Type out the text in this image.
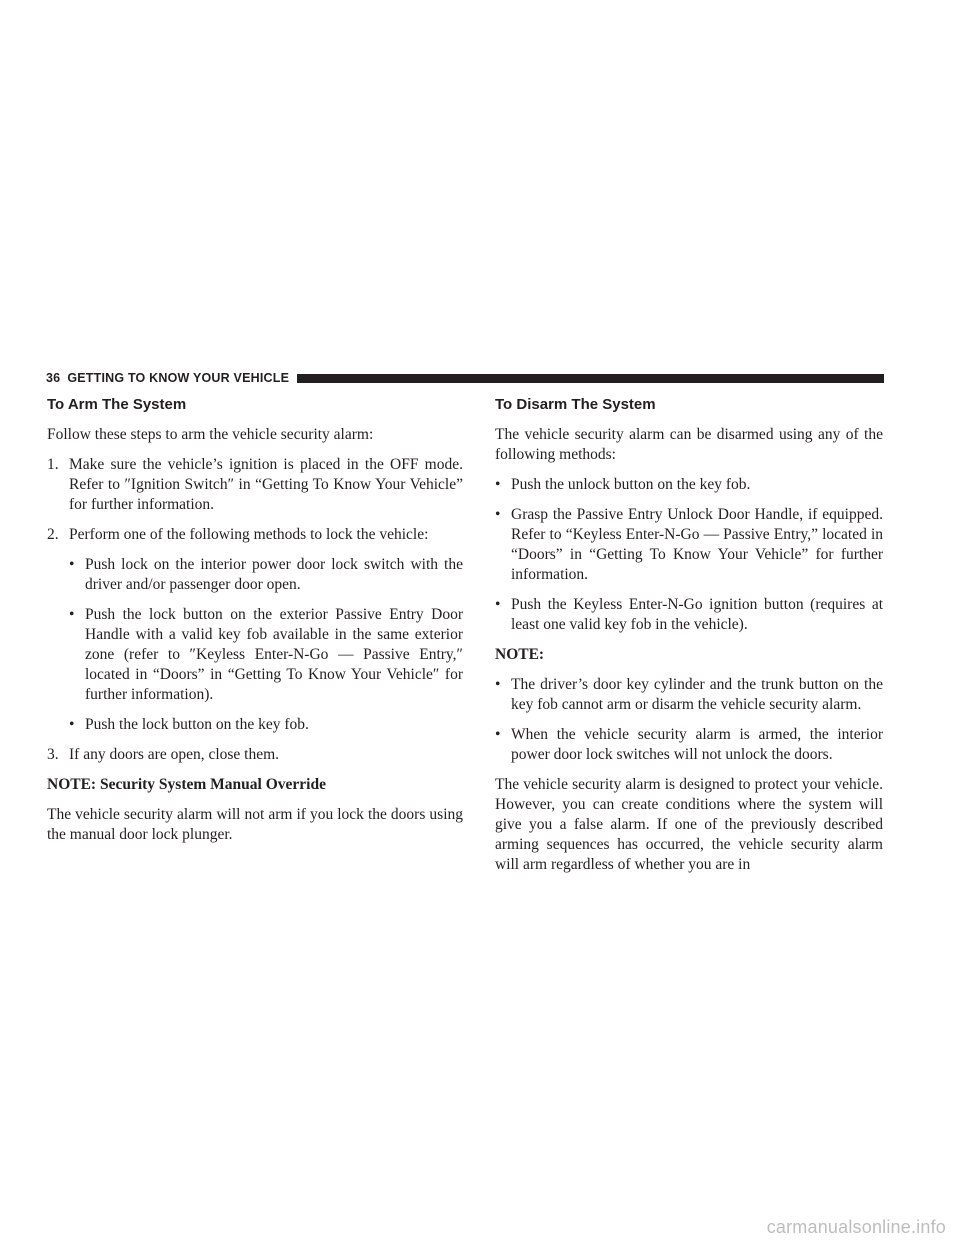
36 GETTING TO KNOW YOUR VEHICLE
To Arm The System

Follow these steps to arm the vehicle security alarm:

1. Make sure the vehicle’s ignition is placed in the OFF mode. Refer to ″Ignition Switch″ in “Getting To Know Your Vehicle” for further information.
2. Perform one of the following methods to lock the vehicle:
• Push lock on the interior power door lock switch with the driver and/or passenger door open.
• Push the lock button on the exterior Passive Entry Door Handle with a valid key fob available in the same exterior zone (refer to ″Keyless Enter-N-Go — Passive Entry,″ located in “Doors” in “Getting To Know Your Vehicle″ for further information).
• Push the lock button on the key fob.
3. If any doors are open, close them.

NOTE: Security System Manual Override

The vehicle security alarm will not arm if you lock the doors using the manual door lock plunger.

To Disarm The System

The vehicle security alarm can be disarmed using any of the following methods:

• Push the unlock button on the key fob.
• Grasp the Passive Entry Unlock Door Handle, if equipped. Refer to “Keyless Enter-N-Go — Passive Entry,” located in “Doors” in “Getting To Know Your Vehicle” for further information.
• Push the Keyless Enter-N-Go ignition button (requires at least one valid key fob in the vehicle).

NOTE:

• The driver’s door key cylinder and the trunk button on the key fob cannot arm or disarm the vehicle security alarm.
• When the vehicle security alarm is armed, the interior power door lock switches will not unlock the doors.

The vehicle security alarm is designed to protect your vehicle. However, you can create conditions where the system will give you a false alarm. If one of the previously described arming sequences has occurred, the vehicle security alarm will arm regardless of whether you are in

carmanualsonline.info
